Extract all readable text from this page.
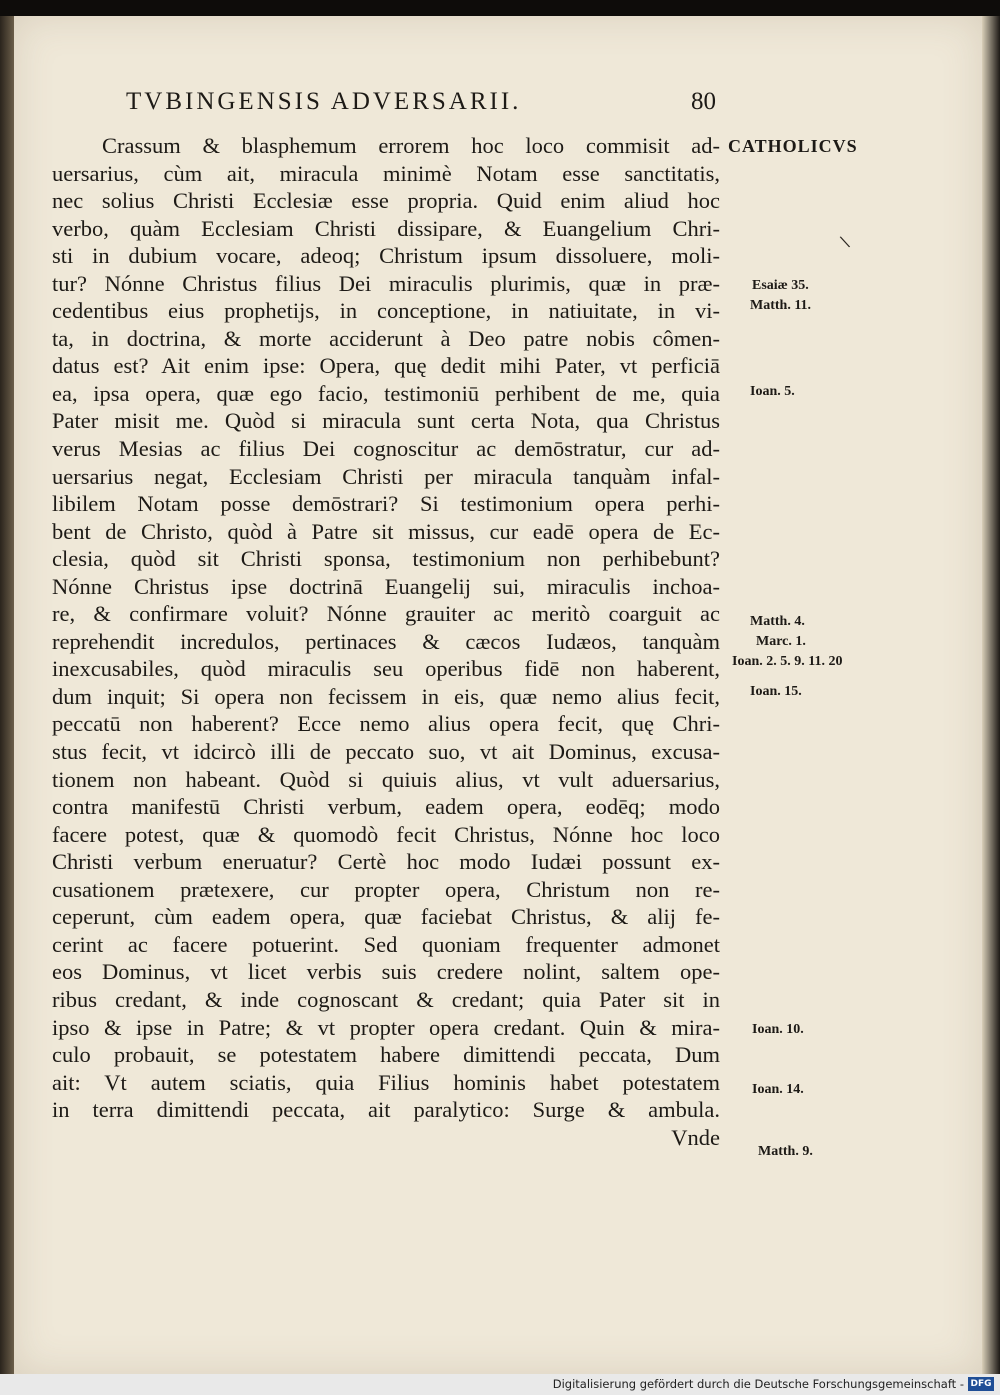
TVBINGENSIS ADVERSARII.	80
Crassum & blasphemum errorem hoc loco commisit ad-
uersarius, cùm ait, miracula minimè Notam esse sanctitatis,
nec solius Christi Ecclesiæ esse propria. Quid enim aliud hoc
verbo, quàm Ecclesiam Christi dissipare, & Euangelium Chri-
sti in dubium vocare, adeoq; Christum ipsum dissoluere, moli-
tur? Nónne Christus filius Dei miraculis plurimis, quæ in præ-
cedentibus eius prophetijs, in conceptione, in natiuitate, in vi-
ta, in doctrina, & morte acciderunt à Deo patre nobis cômen-
datus est? Ait enim ipse: Opera, quę dedit mihi Pater, vt perficiā
ea, ipsa opera, quæ ego facio, testimoniū perhibent de me, quia
Pater misit me. Quòd si miracula sunt certa Nota, qua Christus
verus Mesias ac filius Dei cognoscitur ac demōstratur, cur ad-
uersarius negat, Ecclesiam Christi per miracula tanquàm infal-
libilem Notam posse demōstrari? Si testimonium opera perhi-
bent de Christo, quòd à Patre sit missus, cur eadē opera de Ec-
clesia, quòd sit Christi sponsa, testimonium non perhibebunt?
Nónne Christus ipse doctrinā Euangelij sui, miraculis inchoa-
re, & confirmare voluit? Nónne grauiter ac meritò coarguit ac
reprehendit incredulos, pertinaces & cæcos Iudæos, tanquàm
inexcusabiles, quòd miraculis seu operibus fidē non haberent,
dum inquit; Si opera non fecissem in eis, quæ nemo alius fecit,
peccatū non haberent? Ecce nemo alius opera fecit, quę Chri-
stus fecit, vt idcircò illi de peccato suo, vt ait Dominus, excusa-
tionem non habeant. Quòd si quiuis alius, vt vult aduersarius,
contra manifestū Christi verbum, eadem opera, eodēq; modo
facere potest, quæ & quomodò fecit Christus, Nónne hoc loco
Christi verbum eneruatur? Certè hoc modo Iudæi possunt ex-
cusationem prætexere, cur propter opera, Christum non re-
ceperunt, cùm eadem opera, quæ faciebat Christus, & alij fe-
cerint ac facere potuerint. Sed quoniam frequenter admonet
eos Dominus, vt licet verbis suis credere nolint, saltem ope-
ribus credant, & inde cognoscant & credant; quia Pater sit in
ipso & ipse in Patre; & vt propter opera credant. Quin & mira-
culo probauit, se potestatem habere dimittendi peccata, Dum
ait: Vt autem sciatis, quia Filius hominis habet potestatem
in terra dimittendi peccata, ait paralytico: Surge & ambula.
Vnde
CATHOLICVS
\
Esaiæ 35.
Matth. 11.
Ioan. 5.
Matth. 4.
Marc. 1.
Ioan. 2. 5. 9. 11. 20
Ioan. 15.
Ioan. 10.
Ioan. 14.
Matth. 9.
Digitalisierung gefördert durch die Deutsche Forschungsgemeinschaft - DFG
